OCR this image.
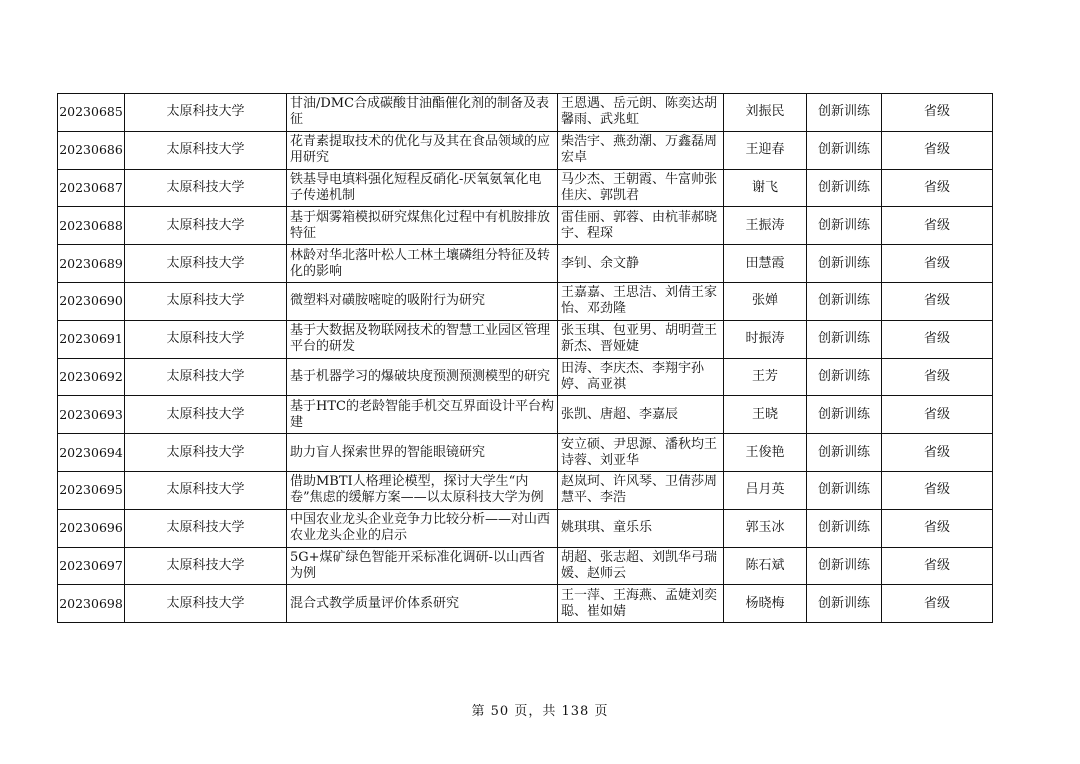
20230685	太原科技大学	甘油/DMC合成碳酸甘油酯催化剂的制备及表征	王恩遇、岳元朗、陈奕达胡馨雨、武兆虹	刘振民	创新训练	省级
20230686	太原科技大学	花青素提取技术的优化与及其在食品领域的应用研究	柴浩宇、燕劲潮、万鑫磊周宏卓	王迎春	创新训练	省级
20230687	太原科技大学	铁基导电填料强化短程反硝化-厌氧氨氧化电子传递机制	马少杰、王朝霞、牛富帅张佳庆、郭凯君	谢飞	创新训练	省级
20230688	太原科技大学	基于烟雾箱模拟研究煤焦化过程中有机胺排放特征	雷佳丽、郭蓉、由杭菲郝晓宇、程琛	王振涛	创新训练	省级
20230689	太原科技大学	林龄对华北落叶松人工林土壤磷组分特征及转化的影响	李钊、余文静	田慧霞	创新训练	省级
20230690	太原科技大学	微塑料对磺胺嘧啶的吸附行为研究	王嘉嘉、王思洁、刘倩王家怡、邓劲隆	张婵	创新训练	省级
20230691	太原科技大学	基于大数据及物联网技术的智慧工业园区管理平台的研发	张玉琪、包亚男、胡明萱王新杰、晋娅婕	时振涛	创新训练	省级
20230692	太原科技大学	基于机器学习的爆破块度预测预测模型的研究	田涛、李庆杰、李翔宇孙婷、高亚祺	王芳	创新训练	省级
20230693	太原科技大学	基于HTC的老龄智能手机交互界面设计平台构建	张凯、唐超、李嘉辰	王晓	创新训练	省级
20230694	太原科技大学	助力盲人探索世界的智能眼镜研究	安立硕、尹思源、潘秋均王诗蓉、刘亚华	王俊艳	创新训练	省级
20230695	太原科技大学	借助MBTI人格理论模型，探讨大学生“内卷”焦虑的缓解方案——以太原科技大学为例	赵岚珂、许风琴、卫倩莎周慧平、李浩	吕月英	创新训练	省级
20230696	太原科技大学	中国农业龙头企业竞争力比较分析——对山西农业龙头企业的启示	姚琪琪、童乐乐	郭玉冰	创新训练	省级
20230697	太原科技大学	5G+煤矿绿色智能开采标准化调研-以山西省为例	胡超、张志超、刘凯华弓瑞媛、赵师云	陈石斌	创新训练	省级
20230698	太原科技大学	混合式教学质量评价体系研究	王一萍、王海燕、孟婕刘奕聪、崔如婧	杨晓梅	创新训练	省级
第 50 页，共 138 页
